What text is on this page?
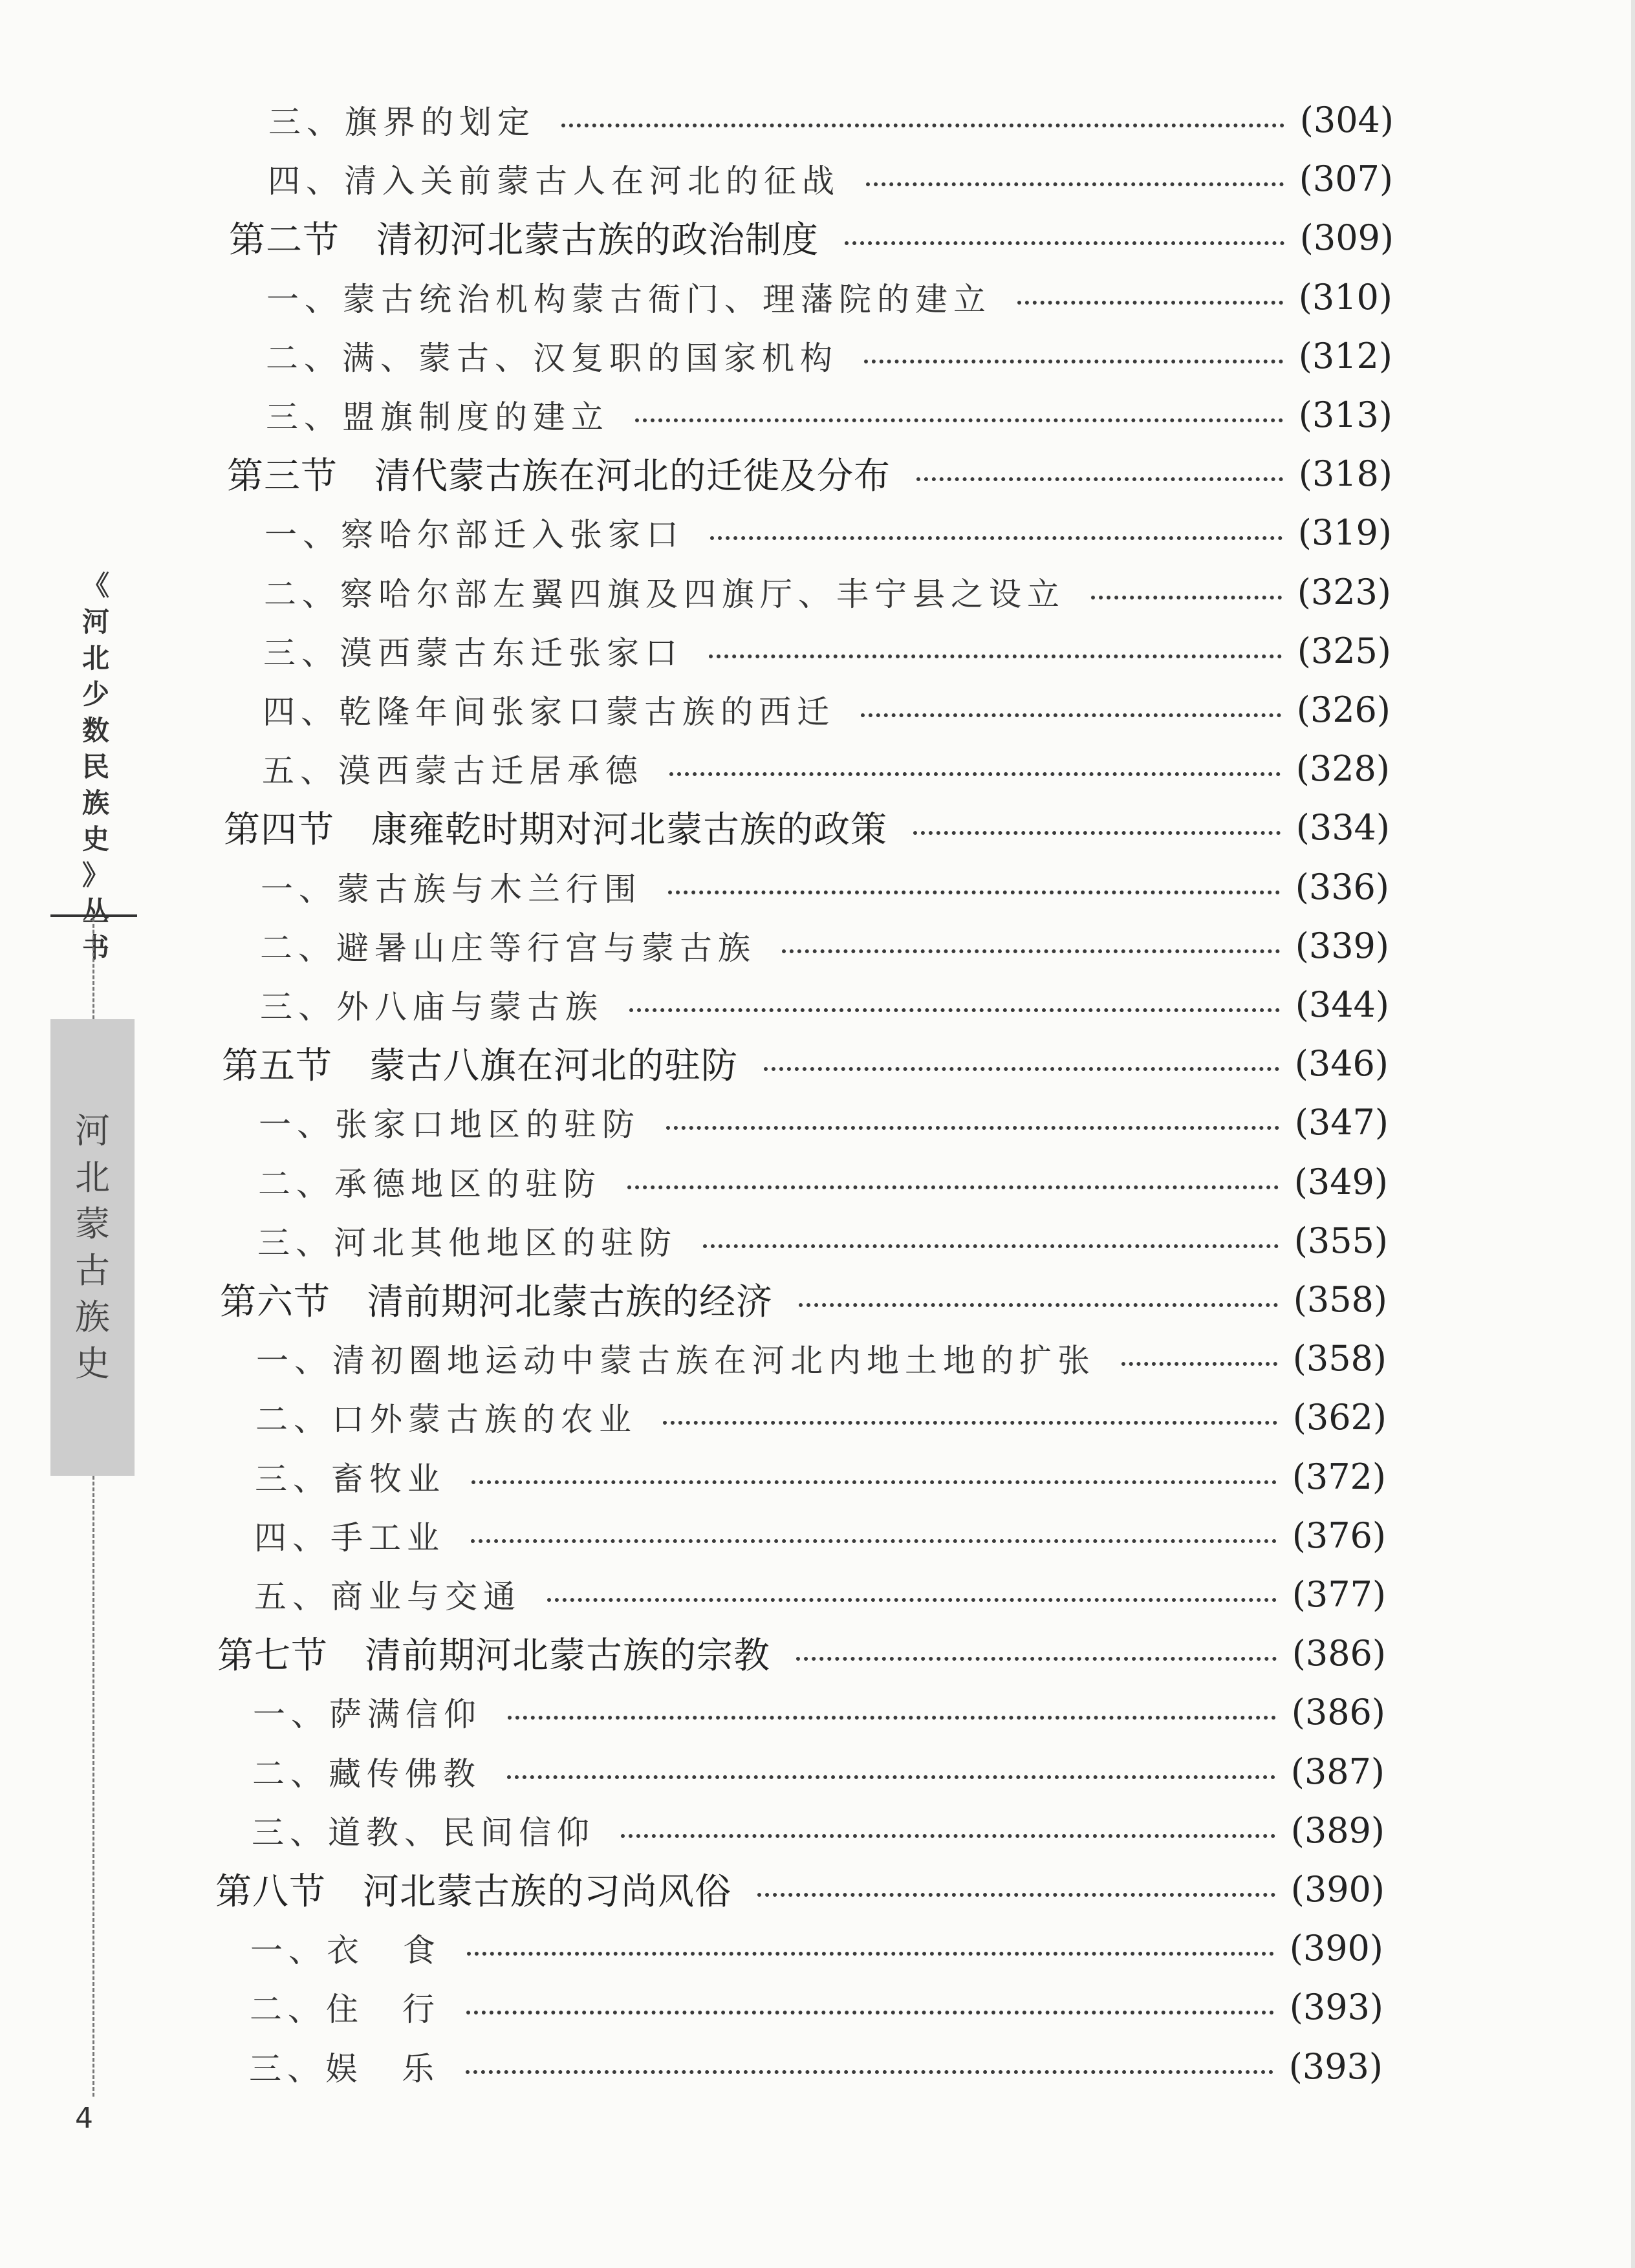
《
河
北
少
数
民
族
史
》
丛
书
河
北
蒙
古
族
史
4
三、旗界的划定	(304)
四、清入关前蒙古人在河北的征战	(307)
第二节　清初河北蒙古族的政治制度	(309)
一、蒙古统治机构蒙古衙门、理藩院的建立	(310)
二、满、蒙古、汉复职的国家机构	(312)
三、盟旗制度的建立	(313)
第三节　清代蒙古族在河北的迁徙及分布	(318)
一、察哈尔部迁入张家口	(319)
二、察哈尔部左翼四旗及四旗厅、丰宁县之设立	(323)
三、漠西蒙古东迁张家口	(325)
四、乾隆年间张家口蒙古族的西迁	(326)
五、漠西蒙古迁居承德	(328)
第四节　康雍乾时期对河北蒙古族的政策	(334)
一、蒙古族与木兰行围	(336)
二、避暑山庄等行宫与蒙古族	(339)
三、外八庙与蒙古族	(344)
第五节　蒙古八旗在河北的驻防	(346)
一、张家口地区的驻防	(347)
二、承德地区的驻防	(349)
三、河北其他地区的驻防	(355)
第六节　清前期河北蒙古族的经济	(358)
一、清初圈地运动中蒙古族在河北内地土地的扩张	(358)
二、口外蒙古族的农业	(362)
三、畜牧业	(372)
四、手工业	(376)
五、商业与交通	(377)
第七节　清前期河北蒙古族的宗教	(386)
一、萨满信仰	(386)
二、藏传佛教	(387)
三、道教、民间信仰	(389)
第八节　河北蒙古族的习尚风俗	(390)
一、衣　食	(390)
二、住　行	(393)
三、娱　乐	(393)
